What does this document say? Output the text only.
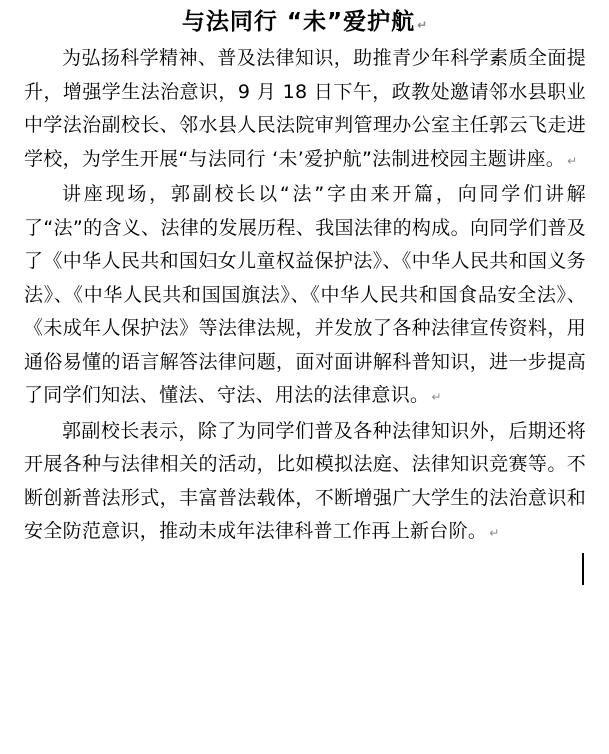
与法同行 “未”爱护航 ↵

为弘扬科学精神、普及法律知识，助推青少年科学素质全面提升，增强学生法治意识，9 月 18 日下午，政教处邀请邻水县职业中学法治副校长、邻水县人民法院审判管理办公室主任郭云飞走进学校，为学生开展“与法同行 ‘未’爱护航”法制进校园主题讲座。 ↵

讲座现场，郭副校长以“法”字由来开篇，向同学们讲解了“法”的含义、法律的发展历程、我国法律的构成。向同学们普及了《中华人民共和国妇女儿童权益保护法》、《中华人民共和国义务法》、《中华人民共和国国旗法》、《中华人民共和国食品安全法》、《未成年人保护法》等法律法规，并发放了各种法律宣传资料，用通俗易懂的语言解答法律问题，面对面讲解科普知识，进一步提高了同学们知法、懂法、守法、用法的法律意识。 ↵

郭副校长表示，除了为同学们普及各种法律知识外，后期还将开展各种与法律相关的活动，比如模拟法庭、法律知识竞赛等。不断创新普法形式，丰富普法载体，不断增强广大学生的法治意识和安全防范意识，推动未成年法律科普工作再上新台阶。 ↵
